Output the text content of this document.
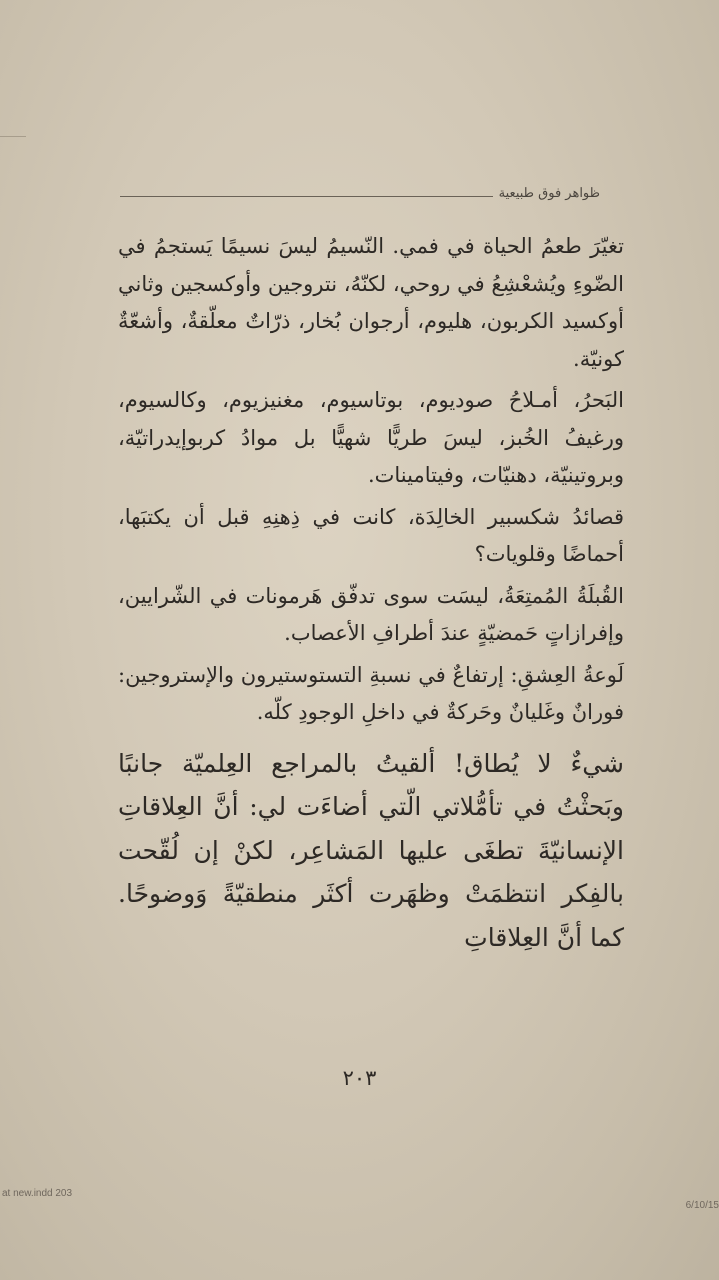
ظواهر فوق طبيعية

تغيّرَ طعمُ الحياة في فمي. النّسيمُ ليسَ نسيمًا يَستجمُ في الضّوءِ ويُشعْشِعُ في روحي، لكنّهُ، نتروجين وأوكسجين وثاني أوكسيد الكربون، هليوم، أرجوان بُخار، ذرّاتٌ معلّقةٌ، وأشعّةٌ كونيّة.

البَحرُ، أمـلاحُ صوديوم، بوتاسيوم، مغنيزيوم، وكالسيوم، ورغيفُ الخُبز، ليسَ طريًّا شهيًّا بل موادُ كربوإيدراتيّة، وبروتينيّة، دهنيّات، وفيتامينات.

قصائدُ شكسبير الخالِدَة، كانت في ذِهنِهِ قبل أن يكتبَها، أحماضًا وقلويات؟

القُبلَةُ المُمتِعَةُ، ليسَت سوى تدفّق هَرمونات في الشّرايين، وإفرازاتٍ حَمضيّةٍ عندَ أطرافِ الأعصاب.

لَوعةُ العِشقِ: إرتفاعٌ في نسبةِ التستوستيرون والإستروجين: فورانٌ وغَليانٌ وحَركةٌ في داخلِ الوجودِ كلّه.

شيءٌ لا يُطاق! ألقيتُ بالمراجع العِلميّة جانبًا وبَحثْتُ في تأمُّلاتي الّتي أضاءَت لي: أنَّ العِلاقاتِ الإنسانيّةَ تطغَى عليها المَشاعِر، لكنْ إن لُقّحت بالفِكر انتظمَتْ وظهَرت أكثَر منطقيّةً وَوضوحًا. كما أنَّ العِلاقاتِ

٢٠٣
at new.indd 203
6/10/15
